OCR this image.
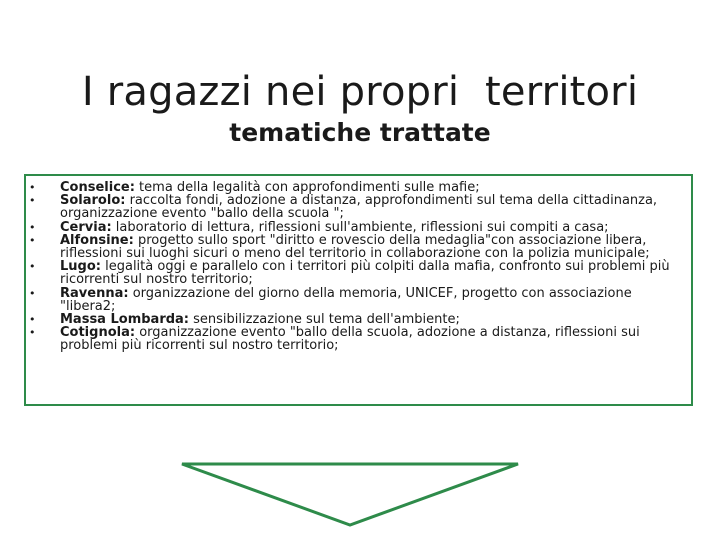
I ragazzi nei propri  territori
tematiche trattate
• Conselice: tema della legalità con approfondimenti sulle mafie;
• Solarolo: raccolta fondi, adozione a distanza, approfondimenti sul tema della cittadinanza, organizzazione evento "ballo della scuola ";
• Cervia: laboratorio di lettura, riflessioni sull'ambiente, riflessioni sui compiti a casa;
• Alfonsine: progetto sullo sport "diritto e rovescio della medaglia"con associazione libera, riflessioni sui luoghi sicuri o meno del territorio in collaborazione con la polizia municipale;
• Lugo: legalità oggi e parallelo con i territori più colpiti dalla mafia, confronto sui problemi più ricorrenti sul nostro territorio;
• Ravenna: organizzazione del giorno della memoria, UNICEF, progetto con associazione "libera2;
• Massa Lombarda: sensibilizzazione sul tema dell'ambiente;
• Cotignola: organizzazione evento "ballo della scuola, adozione a distanza, riflessioni sui problemi più ricorrenti sul nostro territorio;
